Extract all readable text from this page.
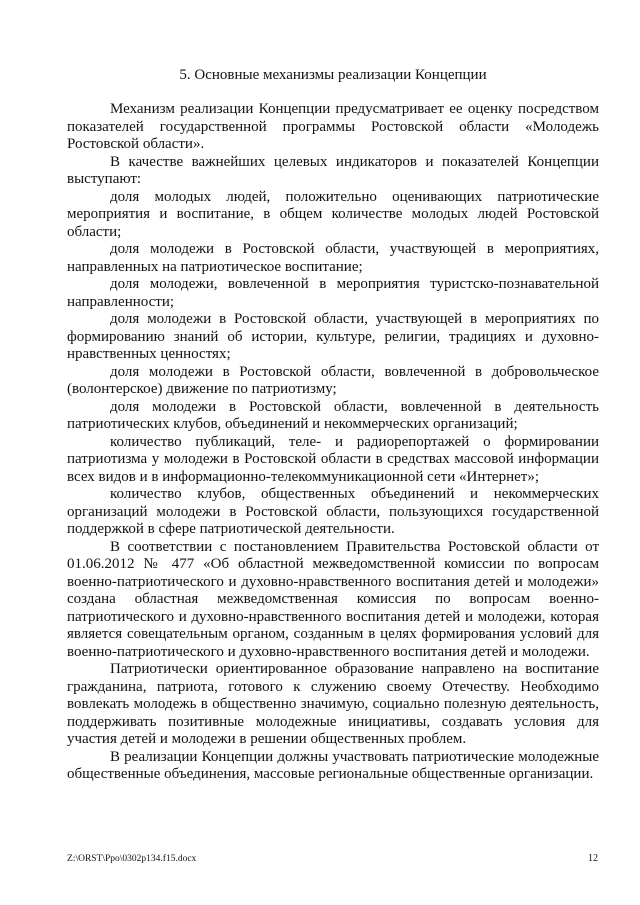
5. Основные механизмы реализации Концепции

Механизм реализации Концепции предусматривает ее оценку посредством показателей государственной программы Ростовской области «Молодежь Ростовской области».

В качестве важнейших целевых индикаторов и показателей Концепции выступают:

доля молодых людей, положительно оценивающих патриотические мероприятия и воспитание, в общем количестве молодых людей Ростовской области;

доля молодежи в Ростовской области, участвующей в мероприятиях, направленных на патриотическое воспитание;

доля молодежи, вовлеченной в мероприятия туристско-познавательной направленности;

доля молодежи в Ростовской области, участвующей в мероприятиях по формированию знаний об истории, культуре, религии, традициях и духовно-нравственных ценностях;

доля молодежи в Ростовской области, вовлеченной в добровольческое (волонтерское) движение по патриотизму;

доля молодежи в Ростовской области, вовлеченной в деятельность патриотических клубов, объединений и некоммерческих организаций;

количество публикаций, теле- и радиорепортажей о формировании патриотизма у молодежи в Ростовской области в средствах массовой информации всех видов и в информационно-телекоммуникационной сети «Интернет»;

количество клубов, общественных объединений и некоммерческих организаций молодежи в Ростовской области, пользующихся государственной поддержкой в сфере патриотической деятельности.

В соответствии с постановлением Правительства Ростовской области от 01.06.2012 № 477 «Об областной межведомственной комиссии по вопросам военно-патриотического и духовно-нравственного воспитания детей и молодежи» создана областная межведомственная комиссия по вопросам военно-патриотического и духовно-нравственного воспитания детей и молодежи, которая является совещательным органом, созданным в целях формирования условий для военно-патриотического и духовно-нравственного воспитания детей и молодежи.

Патриотически ориентированное образование направлено на воспитание гражданина, патриота, готового к служению своему Отечеству. Необходимо вовлекать молодежь в общественно значимую, социально полезную деятельность, поддерживать позитивные молодежные инициативы, создавать условия для участия детей и молодежи в решении общественных проблем.

В реализации Концепции должны участвовать патриотические молодежные общественные объединения, массовые региональные общественные организации.

Z:\ORST\Ppo\0302p134.f15.docx	12
